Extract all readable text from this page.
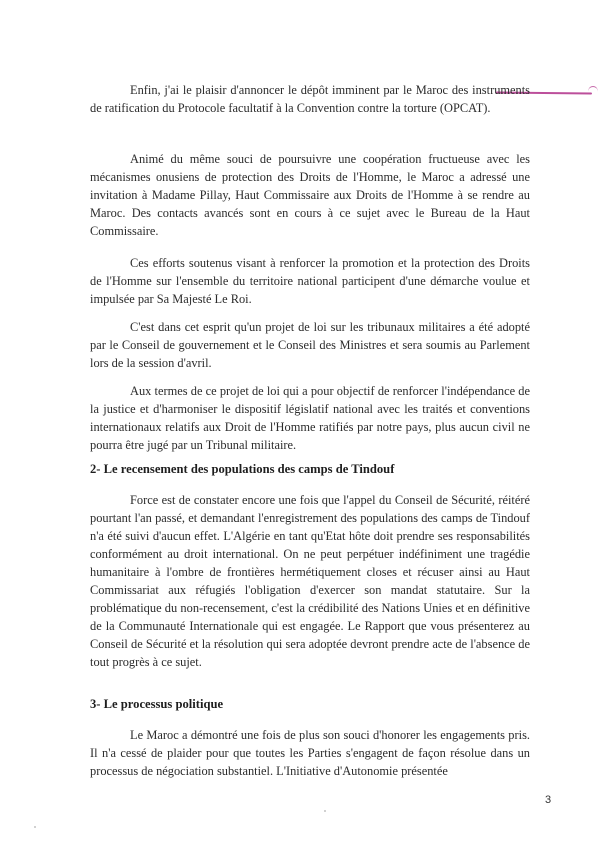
Enfin, j'ai le plaisir d'annoncer le dépôt imminent par le Maroc des instruments de ratification du Protocole facultatif à la Convention contre la torture (OPCAT).

Animé du même souci de poursuivre une coopération fructueuse avec les mécanismes onusiens de protection des Droits de l'Homme, le Maroc a adressé une invitation à Madame Pillay, Haut Commissaire aux Droits de l'Homme à se rendre au Maroc. Des contacts avancés sont en cours à ce sujet avec le Bureau de la Haut Commissaire.

Ces efforts soutenus visant à renforcer la promotion et la protection des Droits de l'Homme sur l'ensemble du territoire national participent d'une démarche voulue et impulsée par Sa Majesté Le Roi.

C'est dans cet esprit qu'un projet de loi sur les tribunaux militaires a été adopté par le Conseil de gouvernement et le Conseil des Ministres et sera soumis au Parlement lors de la session d'avril.

Aux termes de ce projet de loi qui a pour objectif de renforcer l'indépendance de la justice et d'harmoniser le dispositif législatif national avec les traités et conventions internationaux relatifs aux Droit de l'Homme ratifiés par notre pays, plus aucun civil ne pourra être jugé par un Tribunal militaire.

2- Le recensement des populations des camps de Tindouf

Force est de constater encore une fois que l'appel du Conseil de Sécurité, réitéré pourtant l'an passé, et demandant l'enregistrement des populations des camps de Tindouf n'a été suivi d'aucun effet. L'Algérie en tant qu'Etat hôte doit prendre ses responsabilités conformément au droit international. On ne peut perpétuer indéfiniment une tragédie humanitaire à l'ombre de frontières hermétiquement closes et récuser ainsi au Haut Commissariat aux réfugiés l'obligation d'exercer son mandat statutaire. Sur la problématique du non-recensement, c'est la crédibilité des Nations Unies et en définitive de la Communauté Internationale qui est engagée. Le Rapport que vous présenterez au Conseil de Sécurité et la résolution qui sera adoptée devront prendre acte de l'absence de tout progrès à ce sujet.

3- Le processus politique

Le Maroc a démontré une fois de plus son souci d'honorer les engagements pris. Il n'a cessé de plaider pour que toutes les Parties s'engagent de façon résolue dans un processus de négociation substantiel. L'Initiative d'Autonomie présentée

3
